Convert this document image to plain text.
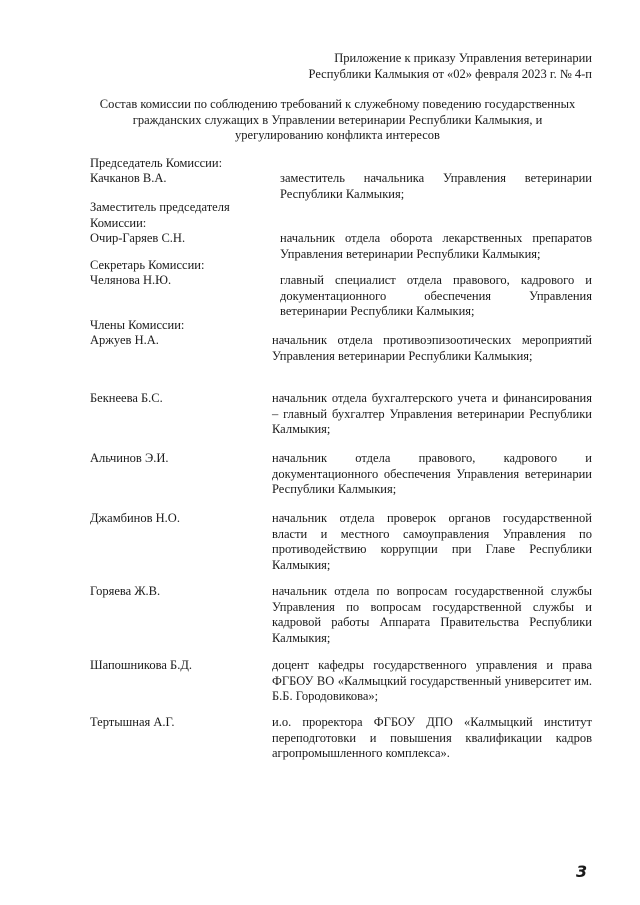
Приложение к приказу Управления ветеринарии
Республики Калмыкия от «02» февраля 2023 г. № 4-п
Состав комиссии по соблюдению требований к служебному поведению государственных
гражданских служащих в Управлении ветеринарии Республики Калмыкия, и
урегулированию конфликта интересов
Председатель Комиссии:
Качканов В.А.	заместитель начальника Управления ветеринарии Республики Калмыкия;
Заместитель председателя Комиссии:
Очир-Гаряев С.Н.	начальник отдела оборота лекарственных препаратов Управления ветеринарии Республики Калмыкия;
Секретарь Комиссии:
Челянова Н.Ю.	главный специалист отдела правового, кадрового и документационного обеспечения Управления ветеринарии Республики Калмыкия;
Члены Комиссии:
Аржуев Н.А.	начальник отдела противоэпизоотических мероприятий Управления ветеринарии Республики Калмыкия;
Бекнеева Б.С.	начальник отдела бухгалтерского учета и финансирования – главный бухгалтер Управления ветеринарии Республики Калмыкия;
Альчинов Э.И.	начальник отдела правового, кадрового и документационного обеспечения Управления ветеринарии Республики Калмыкия;
Джамбинов Н.О.	начальник отдела проверок органов государственной власти и местного самоуправления Управления по противодействию коррупции при Главе Республики Калмыкия;
Горяева Ж.В.	начальник отдела по вопросам государственной службы Управления по вопросам государственной службы и кадровой работы Аппарата Правительства Республики Калмыкия;
Шапошникова Б.Д.	доцент кафедры государственного управления и права ФГБОУ ВО «Калмыцкий государственный университет им. Б.Б. Городовикова»;
Тертышная А.Г.	и.о. проректора ФГБОУ ДПО «Калмыцкий институт переподготовки и повышения квалификации кадров агропромышленного комплекса».
3
